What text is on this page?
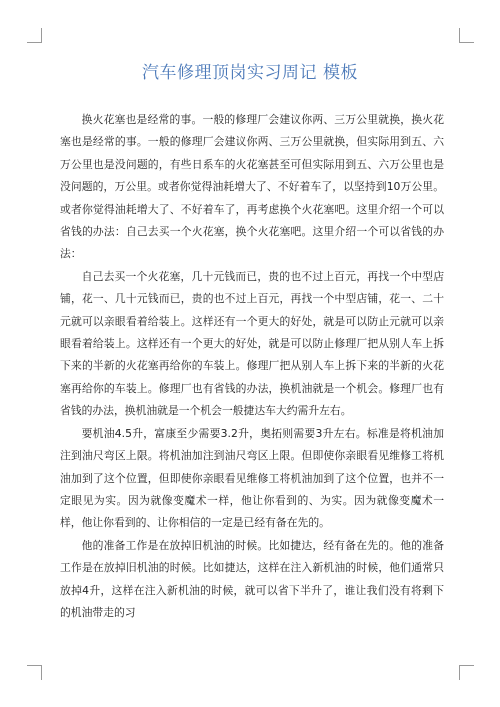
汽车修理顶岗实习周记 模板

换火花塞也是经常的事。一般的修理厂会建议你两、三万公里就换，换火花塞也是经常的事。一般的修理厂会建议你两、三万公里就换，但实际用到五、六万公里也是没问题的，有些日系车的火花塞甚至可但实际用到五、六万公里也是没问题的，万公里。或者你觉得油耗增大了、不好着车了，以坚持到10万公里。或者你觉得油耗增大了、不好着车了，再考虑换个火花塞吧。这里介绍一个可以省钱的办法：自己去买一个火花塞，换个火花塞吧。这里介绍一个可以省钱的办法：

自己去买一个火花塞，几十元钱而已，贵的也不过上百元，再找一个中型店铺，花一、几十元钱而已，贵的也不过上百元，再找一个中型店铺，花一、二十元就可以亲眼看着给装上。这样还有一个更大的好处，就是可以防止元就可以亲眼看着给装上。这样还有一个更大的好处，就是可以防止修理厂把从别人车上拆下来的半新的火花塞再给你的车装上。修理厂把从别人车上拆下来的半新的火花塞再给你的车装上。修理厂也有省钱的办法，换机油就是一个机会。修理厂也有省钱的办法，换机油就是一个机会一般捷达车大约需升左右。

要机油4.5升，富康至少需要3.2升，奥拓则需要3升左右。标准是将机油加注到油尺弯区上限。将机油加注到油尺弯区上限。但即使你亲眼看见维修工将机油加到了这个位置，但即使你亲眼看见维修工将机油加到了这个位置，也并不一定眼见为实。因为就像变魔术一样，他让你看到的、为实。因为就像变魔术一样，他让你看到的、让你相信的一定是已经有备在先的。

他的准备工作是在放掉旧机油的时候。比如捷达，经有备在先的。他的准备工作是在放掉旧机油的时候。比如捷达，这样在注入新机油的时候，他们通常只放掉4升，这样在注入新机油的时候，就可以省下半升了，谁让我们没有将剩下的机油带走的习
